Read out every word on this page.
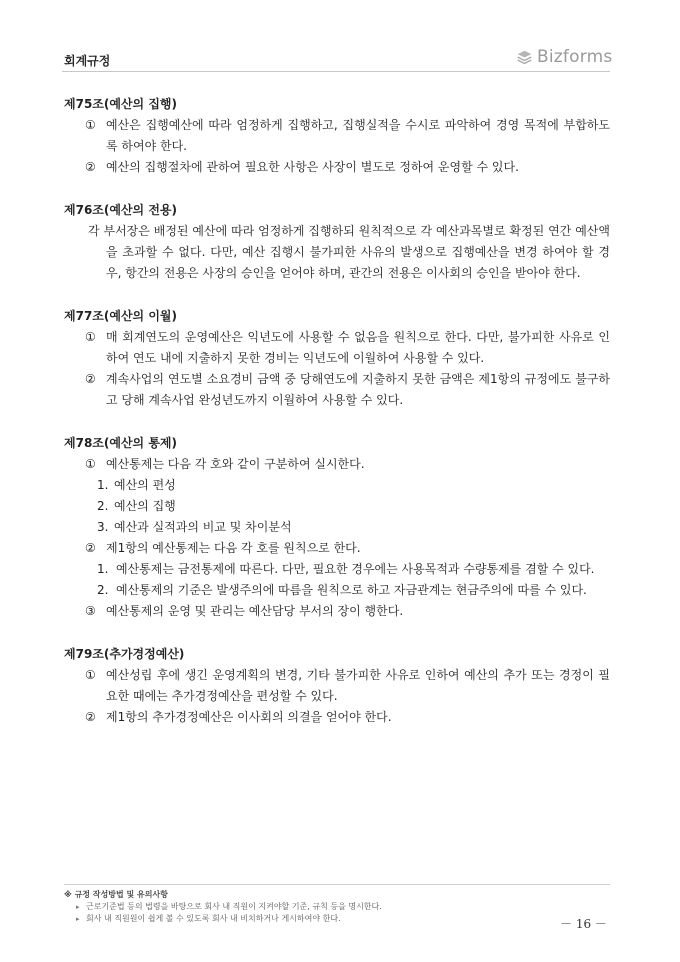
회계규정	Bizforms
제75조(예산의 집행)
① 예산은 집행예산에 따라 엄정하게 집행하고, 집행실적을 수시로 파악하여 경영 목적에 부합하도록 하여야 한다.
② 예산의 집행절차에 관하여 필요한 사항은 사장이 별도로 정하여 운영할 수 있다.
제76조(예산의 전용)
각 부서장은 배정된 예산에 따라 엄정하게 집행하되 원칙적으로 각 예산과목별로 확정된 연간 예산액을 초과할 수 없다. 다만, 예산 집행시 불가피한 사유의 발생으로 집행예산을 변경 하여야 할 경우, 항간의 전용은 사장의 승인을 얻어야 하며, 관간의 전용은 이사회의 승인을 받아야 한다.
제77조(예산의 이월)
① 매 회계연도의 운영예산은 익년도에 사용할 수 없음을 원칙으로 한다. 다만, 불가피한 사유로 인하여 연도 내에 지출하지 못한 경비는 익년도에 이월하여 사용할 수 있다.
② 계속사업의 연도별 소요경비 금액 중 당해연도에 지출하지 못한 금액은 제1항의 규정에도 불구하고 당해 계속사업 완성년도까지 이월하여 사용할 수 있다.
제78조(예산의 통제)
① 예산통제는 다음 각 호와 같이 구분하여 실시한다.
1. 예산의 편성
2. 예산의 집행
3. 예산과 실적과의 비교 및 차이분석
② 제1항의 예산통제는 다음 각 호를 원칙으로 한다.
1. 예산통제는 금전통제에 따른다. 다만, 필요한 경우에는 사용목적과 수량통제를 겸할 수 있다.
2. 예산통제의 기준은 발생주의에 따름을 원칙으로 하고 자금관계는 현금주의에 따를 수 있다.
③ 예산통제의 운영 및 관리는 예산담당 부서의 장이 행한다.
제79조(추가경정예산)
① 예산성립 후에 생긴 운영계획의 변경, 기타 불가피한 사유로 인하여 예산의 추가 또는 경정이 필요한 때에는 추가경정예산을 편성할 수 있다.
② 제1항의 추가경정예산은 이사회의 의결을 얻어야 한다.
※ 규정 작성방법 및 유의사항
▸ 근로기준법 등의 법령을 바탕으로 회사 내 직원이 지켜야할 기준, 규칙 등을 명시한다.
▸ 회사 내 직원원이 쉽게 볼 수 있도록 회사 내 비치하거나 게시하여야 한다.	－ 16 －
